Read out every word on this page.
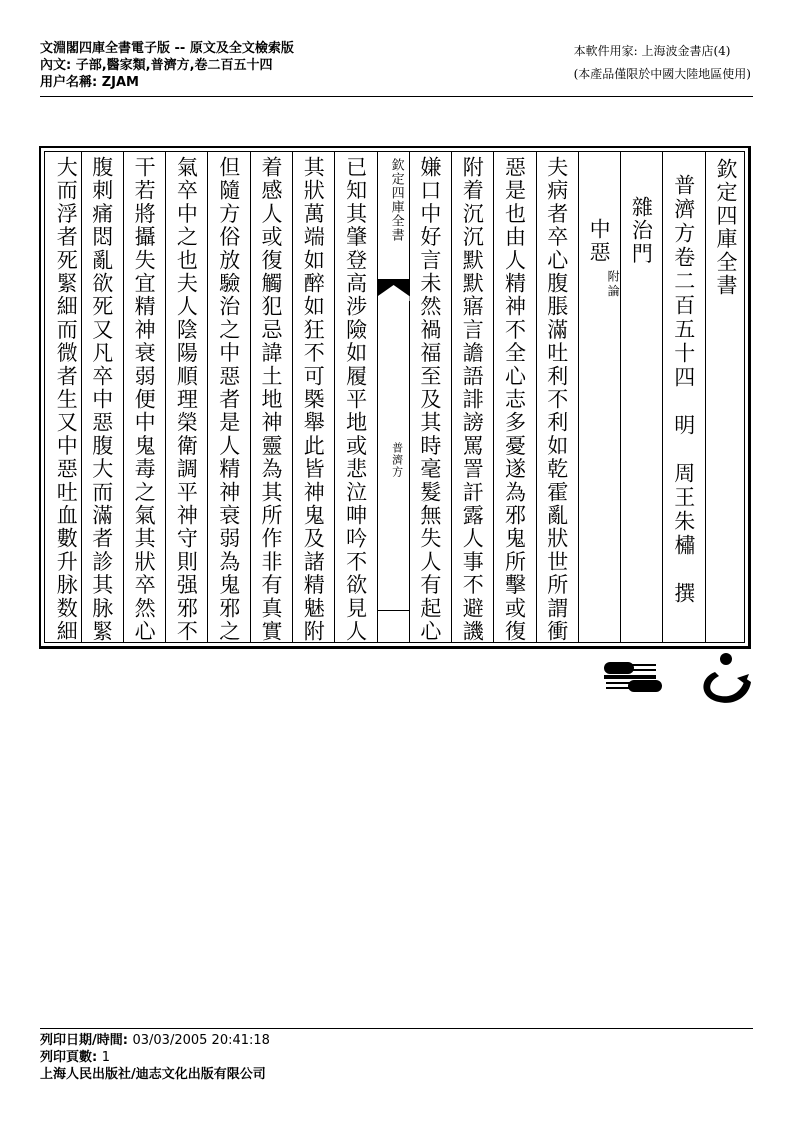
文淵閣四庫全書電子版 -- 原文及全文檢索版
內文: 子部,醫家類,普濟方,卷二百五十四
用户名稱: ZJAM
本軟件用家: 上海波金書店(4)
(本產品僅限於中國大陸地區使用)
欽定四庫全書
普濟方卷二百五十四　明　周王朱橚　撰
雜治門
中惡
附論
夫病者卒心腹脹滿吐利不利如乾霍亂狀世所謂衝
惡是也由人精神不全心志多憂遂為邪鬼所擊或復
附着沉沉默默寤言譫語誹謗罵詈訐露人事不避譏
嫌口中好言未然禍福至及其時毫髮無失人有起心
欽定四庫全書
普濟方
已知其肇登高涉險如履平地或悲泣呻吟不欲見人
其狀萬端如醉如狂不可槩舉此皆神鬼及諸精魅附
着感人或復觸犯忌諱土地神靈為其所作非有真實
但隨方俗放驗治之中惡者是人精神衰弱為鬼邪之
氣卒中之也夫人陰陽順理榮衛調平神守則强邪不
干若將攝失宜精神衰弱便中鬼毒之氣其狀卒然心
腹刺痛悶亂欲死又凡卒中惡腹大而滿者診其脉緊
大而浮者死緊細而微者生又中惡吐血數升脉数細
列印日期/時間: 03/03/2005 20:41:18
列印頁數: 1
上海人民出版社/迪志文化出版有限公司
